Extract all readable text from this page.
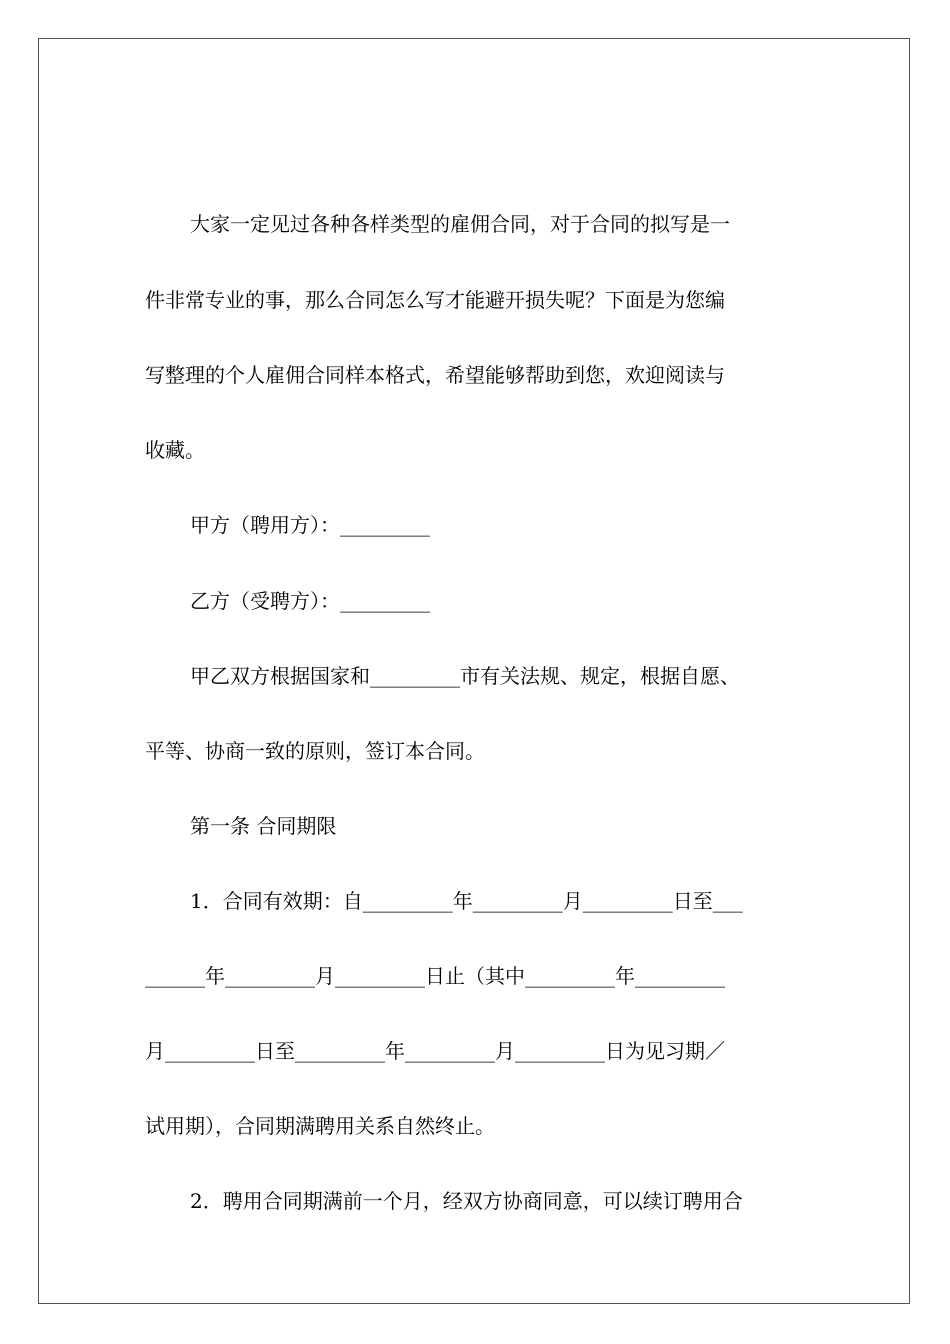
大家一定见过各种各样类型的雇佣合同，对于合同的拟写是一
件非常专业的事，那么合同怎么写才能避开损失呢？下面是为您编
写整理的个人雇佣合同样本格式，希望能够帮助到您，欢迎阅读与
收藏。
甲方（聘用方）：_________
乙方（受聘方）：_________
甲乙双方根据国家和_________市有关法规、规定，根据自愿、
平等、协商一致的原则，签订本合同。
第一条 合同期限
1．合同有效期：自_________年_________月_________日至___
______年_________月_________日止（其中_________年_________
月_________日至_________年_________月_________日为见习期／
试用期），合同期满聘用关系自然终止。
2．聘用合同期满前一个月，经双方协商同意，可以续订聘用合
